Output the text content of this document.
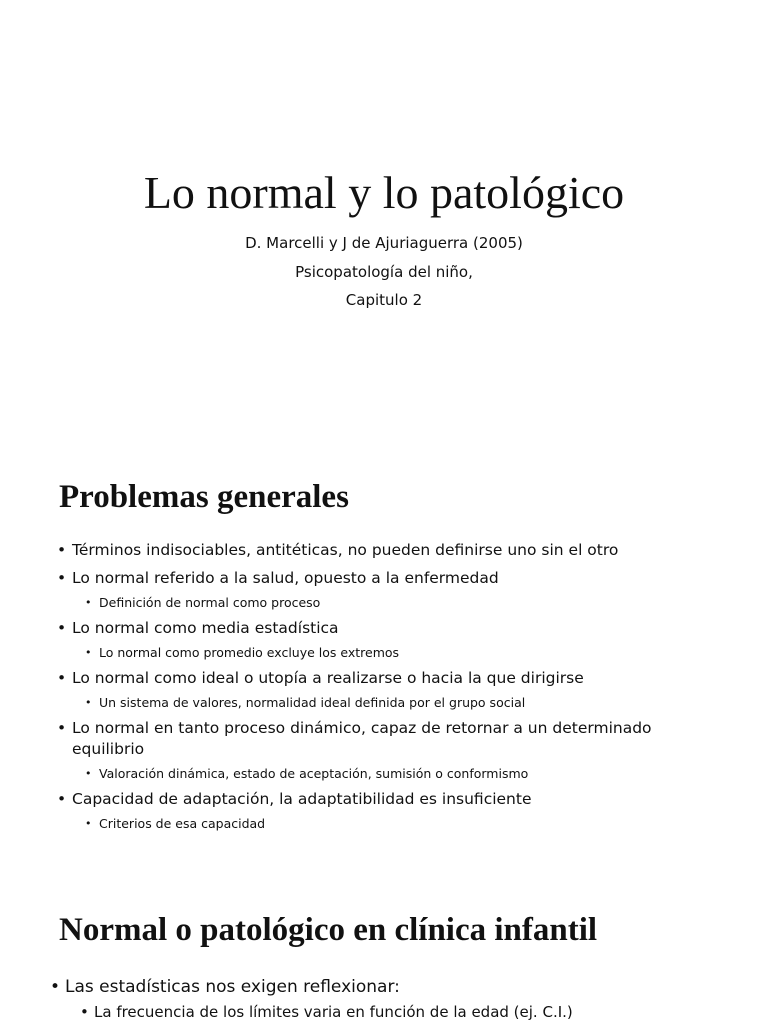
Lo normal y lo patológico
D. Marcelli y J de Ajuriaguerra (2005)
Psicopatología del niño,
Capitulo 2
Problemas generales
• Términos indisociables, antitéticas, no pueden definirse uno sin el otro
• Lo normal referido a la salud, opuesto a la enfermedad
• Definición de normal como proceso
• Lo normal como media estadística
• Lo normal como promedio excluye los extremos
• Lo normal como ideal o utopía a realizarse o hacia la que dirigirse
• Un sistema de valores, normalidad ideal definida por el grupo social
• Lo normal en tanto proceso dinámico, capaz de retornar a un determinado equilibrio
• Valoración dinámica, estado de aceptación, sumisión o conformismo
• Capacidad de adaptación, la adaptatibilidad es insuficiente
• Criterios de esa capacidad
Normal o patológico en clínica infantil
• Las estadísticas nos exigen reflexionar:
• La frecuencia de los límites varia en función de la edad (ej. C.I.)
